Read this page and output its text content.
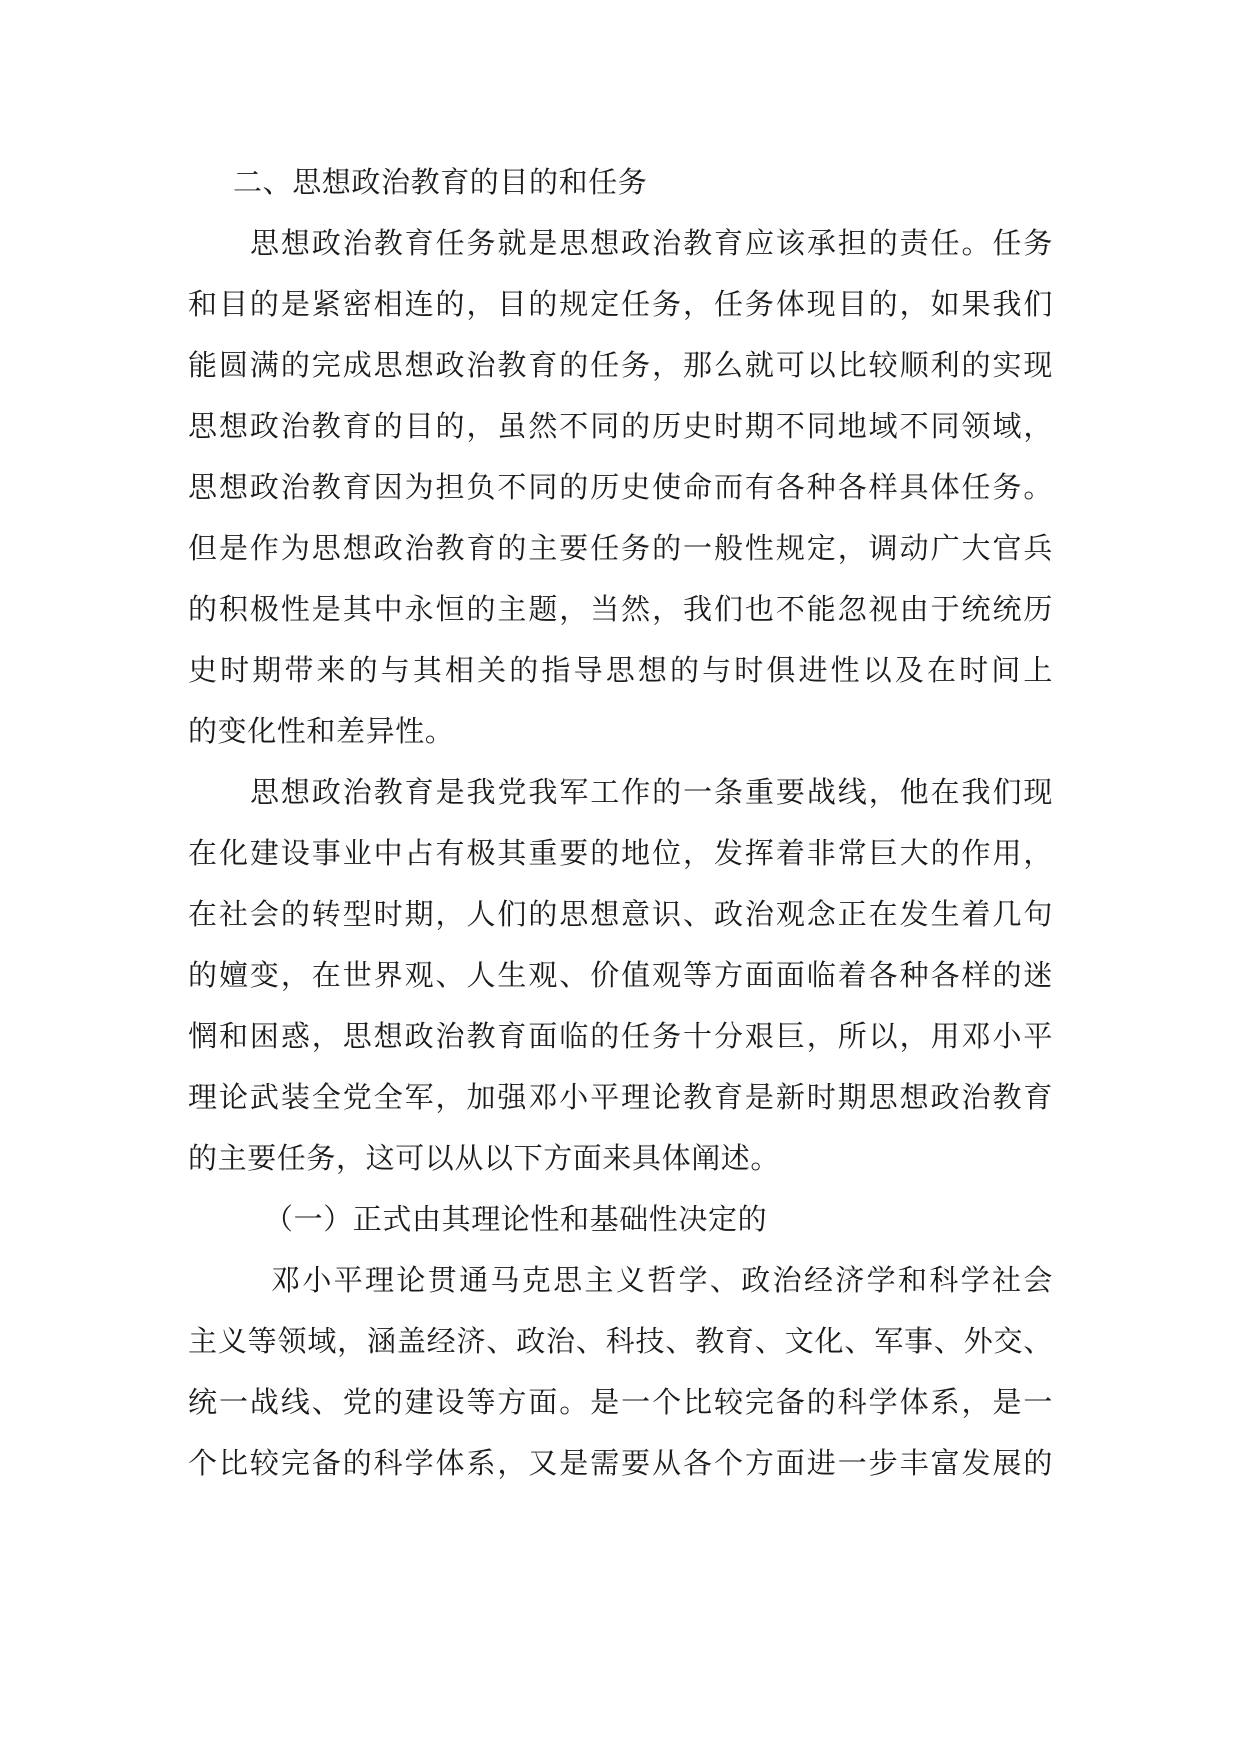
二、思想政治教育的目的和任务
思想政治教育任务就是思想政治教育应该承担的责任。任务
和目的是紧密相连的，目的规定任务，任务体现目的，如果我们
能圆满的完成思想政治教育的任务，那么就可以比较顺利的实现
思想政治教育的目的，虽然不同的历史时期不同地域不同领域，
思想政治教育因为担负不同的历史使命而有各种各样具体任务。
但是作为思想政治教育的主要任务的一般性规定，调动广大官兵
的积极性是其中永恒的主题，当然，我们也不能忽视由于统统历
史时期带来的与其相关的指导思想的与时俱进性以及在时间上
的变化性和差异性。
思想政治教育是我党我军工作的一条重要战线，他在我们现
在化建设事业中占有极其重要的地位，发挥着非常巨大的作用，
在社会的转型时期，人们的思想意识、政治观念正在发生着几句
的嬗变，在世界观、人生观、价值观等方面面临着各种各样的迷
惘和困惑，思想政治教育面临的任务十分艰巨，所以，用邓小平
理论武装全党全军，加强邓小平理论教育是新时期思想政治教育
的主要任务，这可以从以下方面来具体阐述。
（一）正式由其理论性和基础性决定的
邓小平理论贯通马克思主义哲学、政治经济学和科学社会
主义等领域，涵盖经济、政治、科技、教育、文化、军事、外交、
统一战线、党的建设等方面。是一个比较完备的科学体系，是一
个比较完备的科学体系，又是需要从各个方面进一步丰富发展的
